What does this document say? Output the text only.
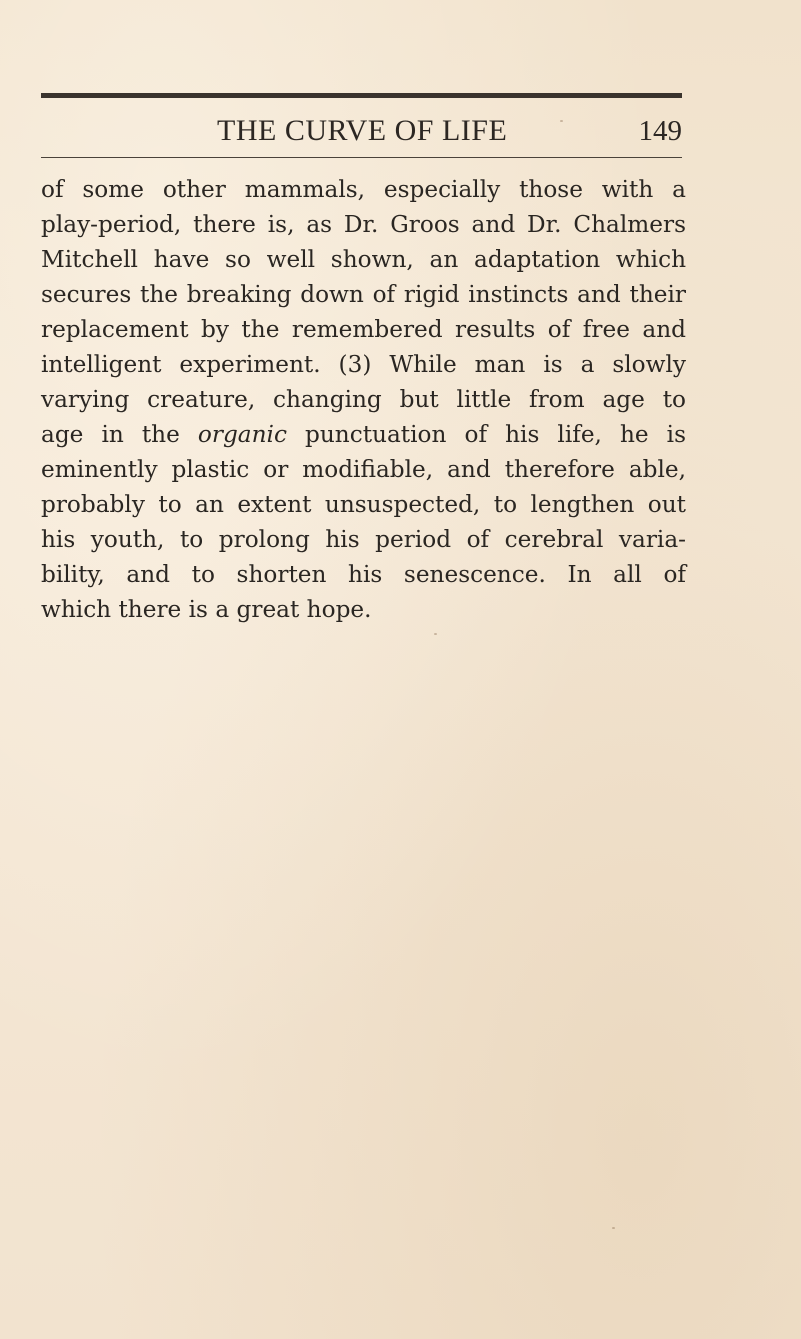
THE CURVE OF LIFE	149
of some other mammals, especially those with a
play-period, there is, as Dr. Groos and Dr. Chalmers
Mitchell have so well shown, an adaptation which
secures the breaking down of rigid instincts and their
replacement by the remembered results of free and
intelligent experiment. (3) While man is a slowly
varying creature, changing but little from age to
age in the organic punctuation of his life, he is
eminently plastic or modifiable, and therefore able,
probably to an extent unsuspected, to lengthen out
his youth, to prolong his period of cerebral varia-
bility, and to shorten his senescence. In all of
which there is a great hope.
